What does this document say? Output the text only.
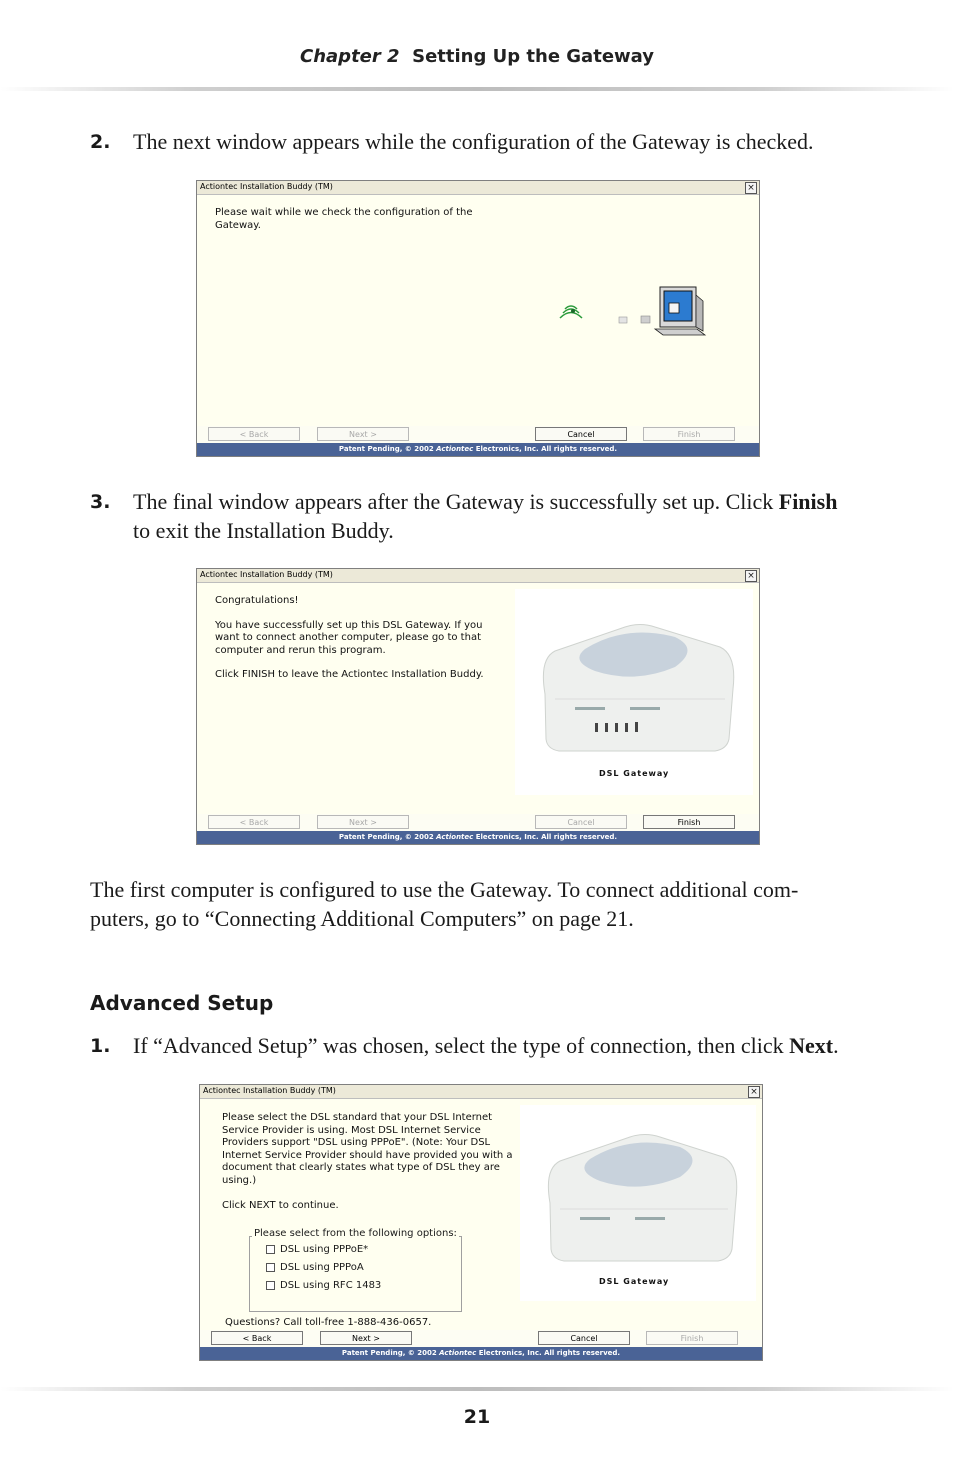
Chapter 2 Setting Up the Gateway
2. The next window appears while the configuration of the Gateway is checked.
Actiontec Installation Buddy (TM)	×
Please wait while we check the configuration of the
Gateway.
< Back	Next >	Cancel	Finish
Patent Pending, © 2002 Actiontec Electronics, Inc. All rights reserved.
3. The final window appears after the Gateway is successfully set up. Click Finish
to exit the Installation Buddy.
Actiontec Installation Buddy (TM)	×
Congratulations!
You have successfully set up this DSL Gateway. If you
want to connect another computer, please go to that
computer and rerun this program.
Click FINISH to leave the Actiontec Installation Buddy.
DSL Gateway
< Back	Next >	Cancel	Finish
Patent Pending, © 2002 Actiontec Electronics, Inc. All rights reserved.
The first computer is configured to use the Gateway. To connect additional com-
puters, go to “Connecting Additional Computers” on page 21.
Advanced Setup
1. If “Advanced Setup” was chosen, select the type of connection, then click Next.
Actiontec Installation Buddy (TM)	×
Please select the DSL standard that your DSL Internet
Service Provider is using. Most DSL Internet Service
Providers support "DSL using PPPoE". (Note: Your DSL
Internet Service Provider should have provided you with a
document that clearly states what type of DSL they are
using.)
Click NEXT to continue.
Please select from the following options:
DSL using PPPoE*
DSL using PPPoA
DSL using RFC 1483
Questions? Call toll-free 1-888-436-0657.
DSL Gateway
< Back	Next >	Cancel	Finish
Patent Pending, © 2002 Actiontec Electronics, Inc. All rights reserved.
21
